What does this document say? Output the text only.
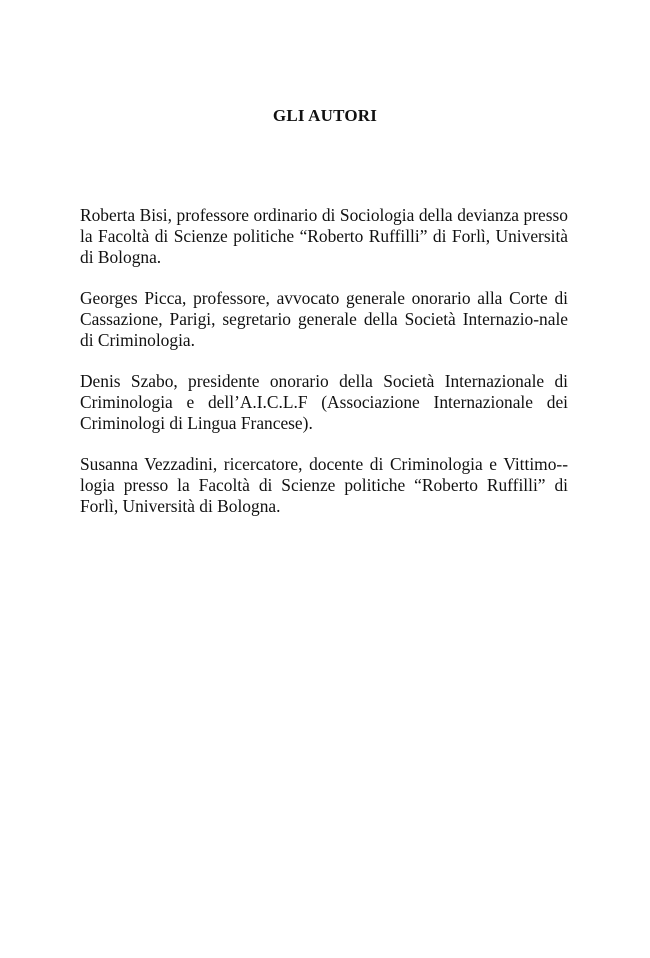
GLI AUTORI

Roberta Bisi, professore ordinario di Sociologia della devianza presso la Facoltà di Scienze politiche “Roberto Ruffilli” di Forlì, Università di Bologna.

Georges Picca, professore, avvocato generale onorario alla Corte di Cassazione, Parigi, segretario generale della Società Internazio-nale di Criminologia.

Denis Szabo, presidente onorario della Società Internazionale di Criminologia e dell’A.I.C.L.F (Associazione Internazionale dei Criminologi di Lingua Francese).

Susanna Vezzadini, ricercatore, docente di Criminologia e Vittimo-logia presso la Facoltà di Scienze politiche “Roberto Ruffilli” di Forlì, Università di Bologna.
